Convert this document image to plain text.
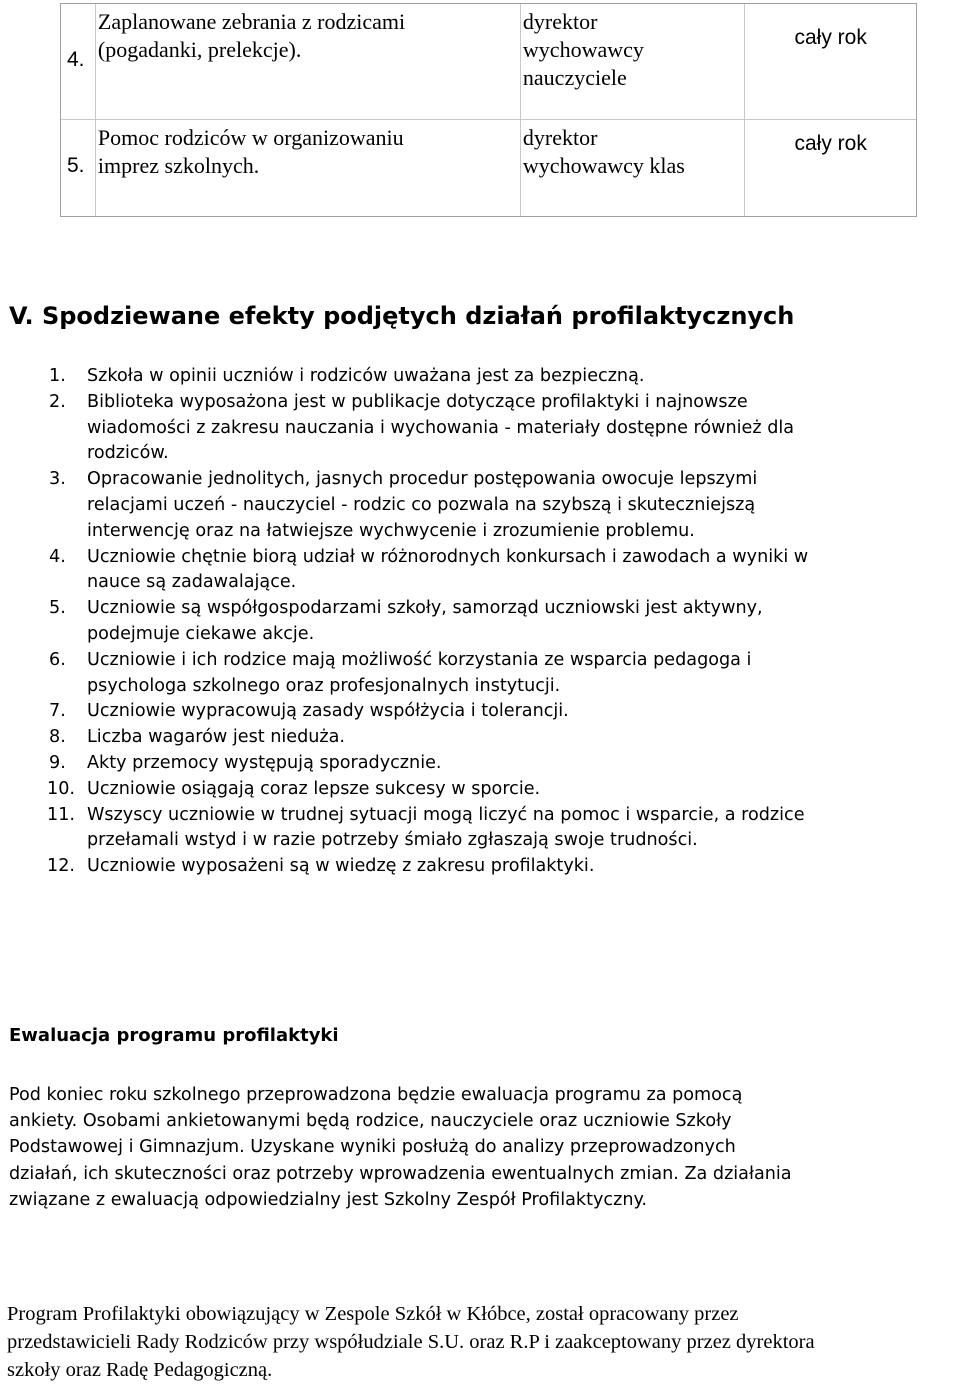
4.
Zaplanowane zebrania z rodzicami
(pogadanki, prelekcje).
dyrektor
wychowawcy
nauczyciele
cały rok
5.
Pomoc rodziców w organizowaniu
imprez szkolnych.
dyrektor
wychowawcy klas
cały rok
V. Spodziewane efekty podjętych działań profilaktycznych
1. Szkoła w opinii uczniów i rodziców uważana jest za bezpieczną.
2. Biblioteka wyposażona jest w publikacje dotyczące profilaktyki i najnowsze
wiadomości z zakresu nauczania i wychowania - materiały dostępne również dla
rodziców.
3. Opracowanie jednolitych, jasnych procedur postępowania owocuje lepszymi
relacjami uczeń - nauczyciel - rodzic co pozwala na szybszą i skuteczniejszą
interwencję oraz na łatwiejsze wychwycenie i zrozumienie problemu.
4. Uczniowie chętnie biorą udział w różnorodnych konkursach i zawodach a wyniki w
nauce są zadawalające.
5. Uczniowie są współgospodarzami szkoły, samorząd uczniowski jest aktywny,
podejmuje ciekawe akcje.
6. Uczniowie i ich rodzice mają możliwość korzystania ze wsparcia pedagoga i
psychologa szkolnego oraz profesjonalnych instytucji.
7. Uczniowie wypracowują zasady współżycia i tolerancji.
8. Liczba wagarów jest nieduża.
9. Akty przemocy występują sporadycznie.
10. Uczniowie osiągają coraz lepsze sukcesy w sporcie.
11. Wszyscy uczniowie w trudnej sytuacji mogą liczyć na pomoc i wsparcie, a rodzice
przełamali wstyd i w razie potrzeby śmiało zgłaszają swoje trudności.
12. Uczniowie wyposażeni są w wiedzę z zakresu profilaktyki.
Ewaluacja programu profilaktyki

Pod koniec roku szkolnego przeprowadzona będzie ewaluacja programu za pomocą
ankiety. Osobami ankietowanymi będą rodzice, nauczyciele oraz uczniowie Szkoły
Podstawowej i Gimnazjum. Uzyskane wyniki posłużą do analizy przeprowadzonych
działań, ich skuteczności oraz potrzeby wprowadzenia ewentualnych zmian. Za działania
związane z ewaluacją odpowiedzialny jest Szkolny Zespół Profilaktyczny.

Program Profilaktyki obowiązujący w Zespole Szkół w Kłóbce, został opracowany przez
przedstawicieli Rady Rodziców przy współudziale S.U. oraz R.P i zaakceptowany przez dyrektora
szkoły oraz Radę Pedagogiczną.
